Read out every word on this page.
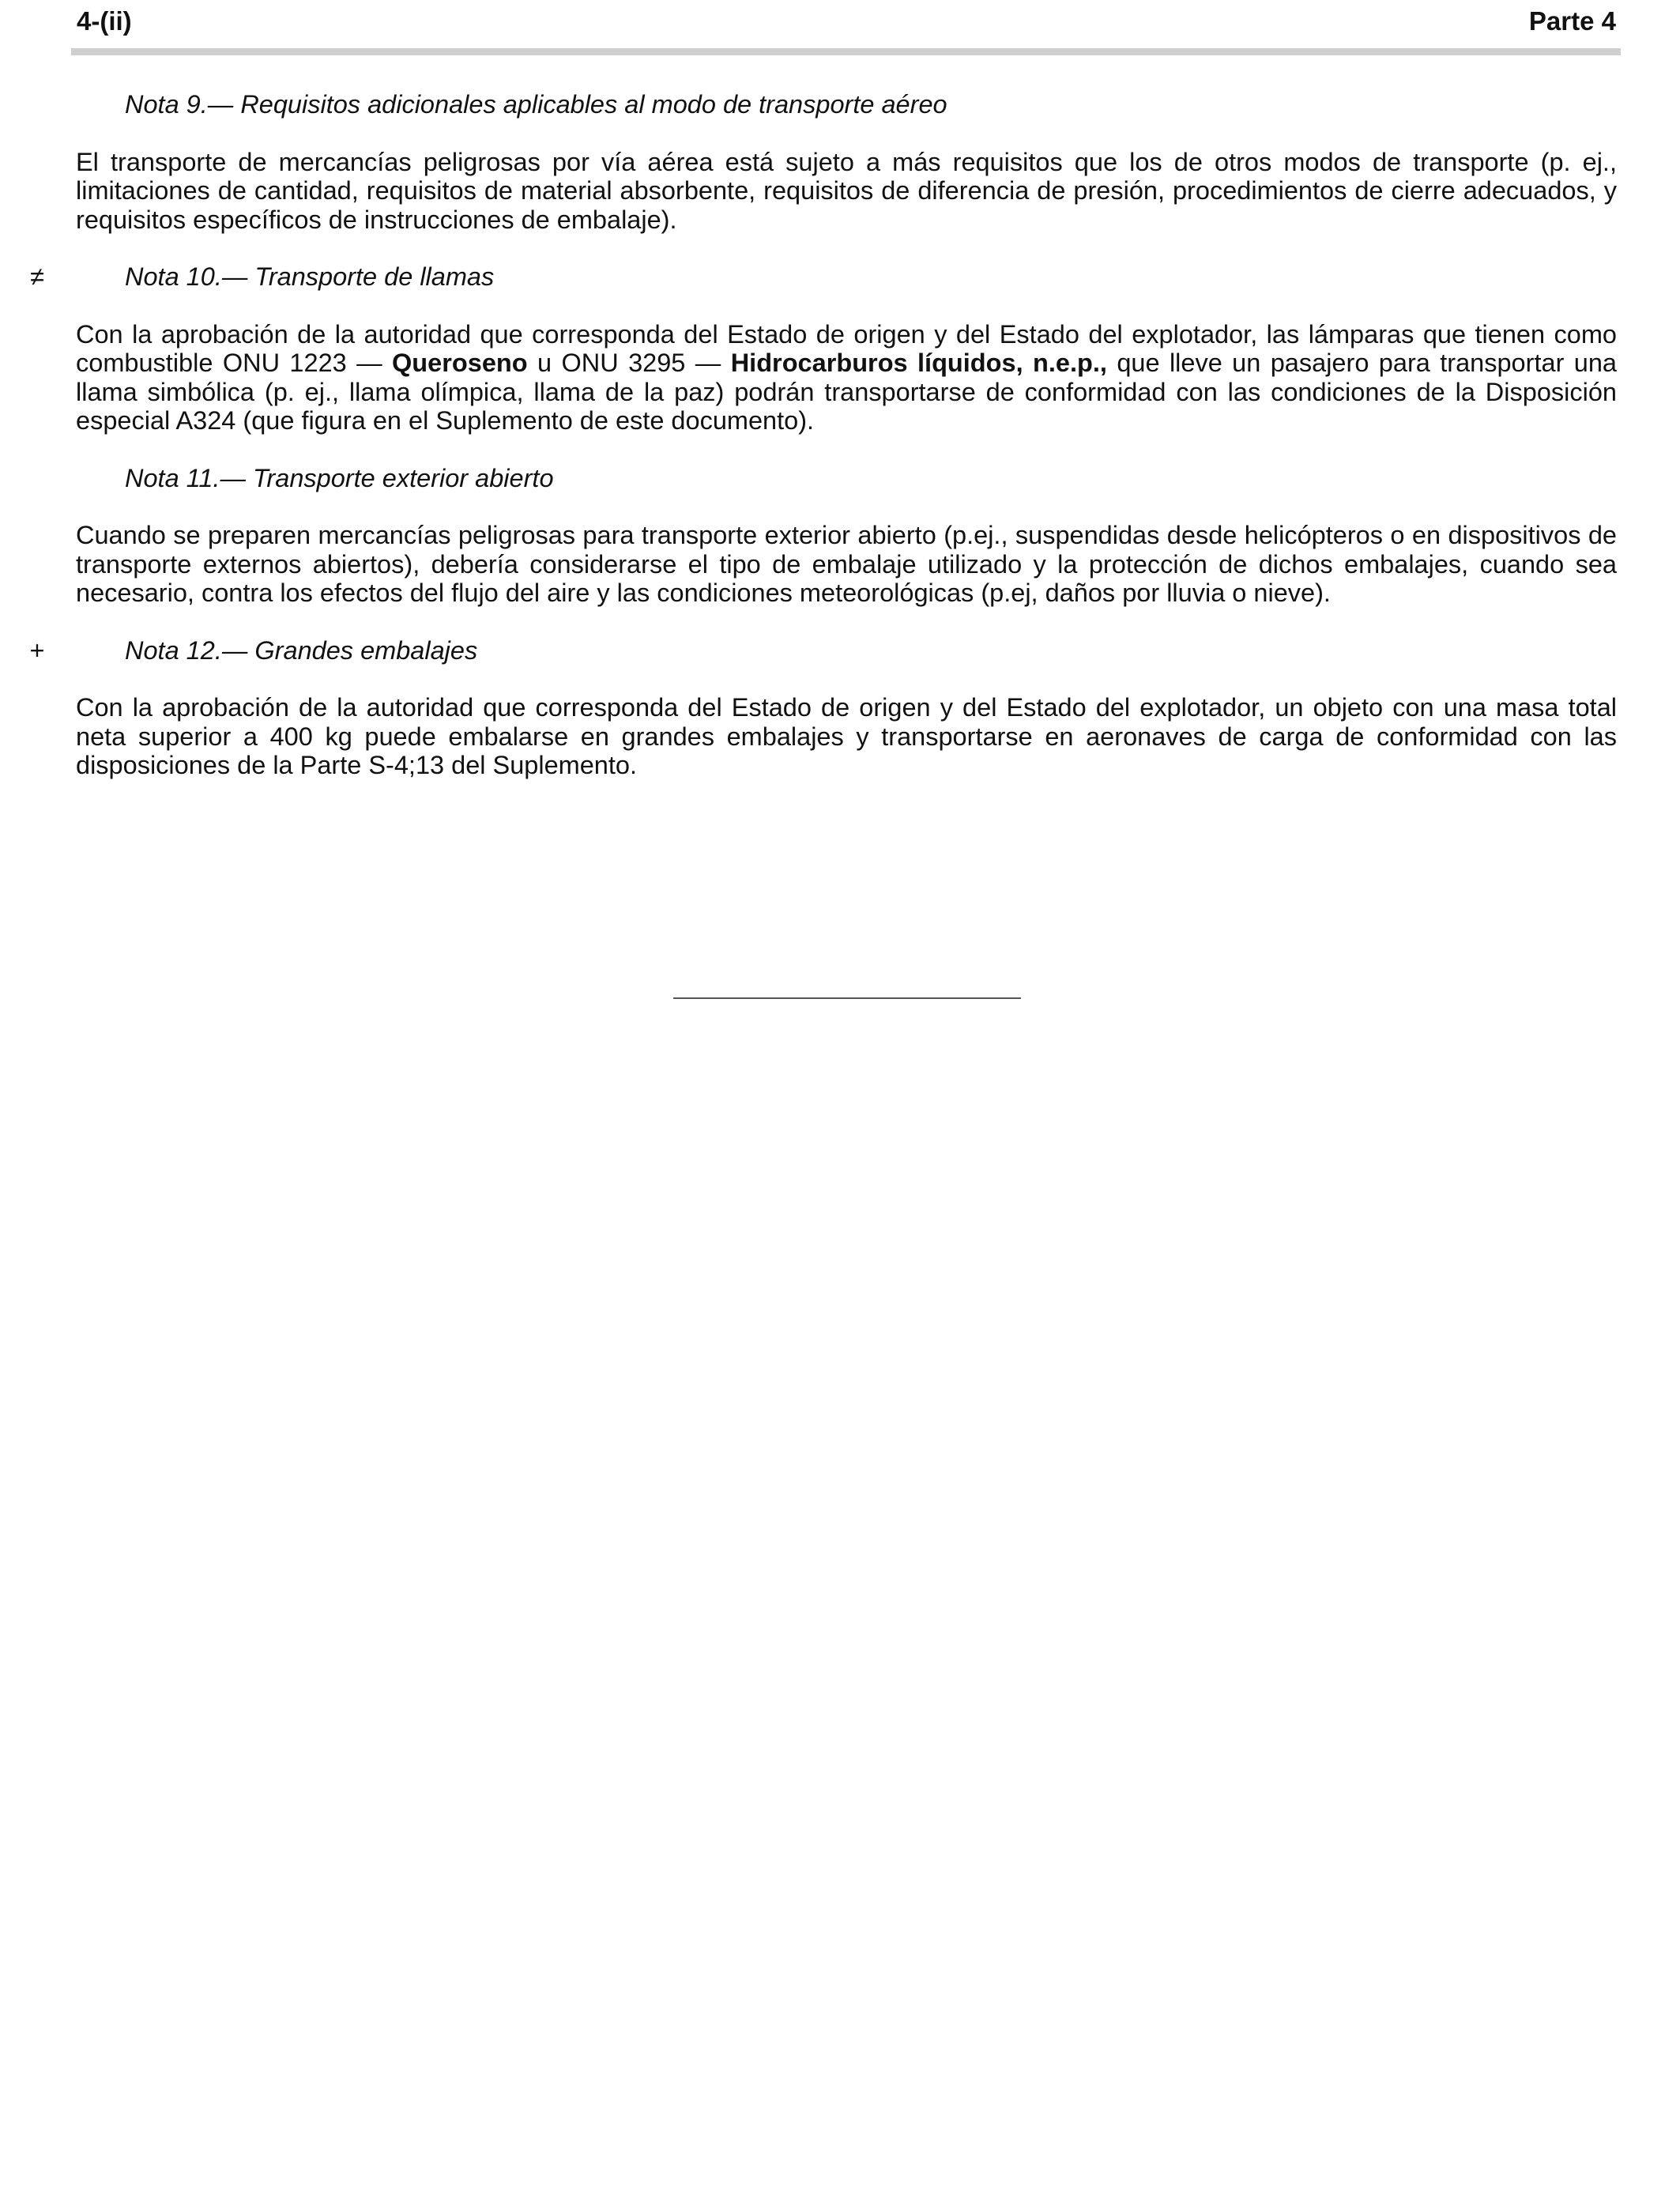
4-(ii)	Parte 4
Nota 9.— Requisitos adicionales aplicables al modo de transporte aéreo

El transporte de mercancías peligrosas por vía aérea está sujeto a más requisitos que los de otros modos de transporte (p. ej., limitaciones de cantidad, requisitos de material absorbente, requisitos de diferencia de presión, procedimientos de cierre adecuados, y requisitos específicos de instrucciones de embalaje).

≠	Nota 10.— Transporte de llamas

Con la aprobación de la autoridad que corresponda del Estado de origen y del Estado del explotador, las lámparas que tienen como combustible ONU 1223 — Queroseno u ONU 3295 — Hidrocarburos líquidos, n.e.p., que lleve un pasajero para transportar una llama simbólica (p. ej., llama olímpica, llama de la paz) podrán transportarse de conformidad con las condiciones de la Disposición especial A324 (que figura en el Suplemento de este documento).

Nota 11.— Transporte exterior abierto

Cuando se preparen mercancías peligrosas para transporte exterior abierto (p.ej., suspendidas desde helicópteros o en dispositivos de transporte externos abiertos), debería considerarse el tipo de embalaje utilizado y la protección de dichos embalajes, cuando sea necesario, contra los efectos del flujo del aire y las condiciones meteorológicas (p.ej, daños por lluvia o nieve).

+	Nota 12.— Grandes embalajes

Con la aprobación de la autoridad que corresponda del Estado de origen y del Estado del explotador, un objeto con una masa total neta superior a 400 kg puede embalarse en grandes embalajes y transportarse en aeronaves de carga de conformidad con las disposiciones de la Parte S-4;13 del Suplemento.
